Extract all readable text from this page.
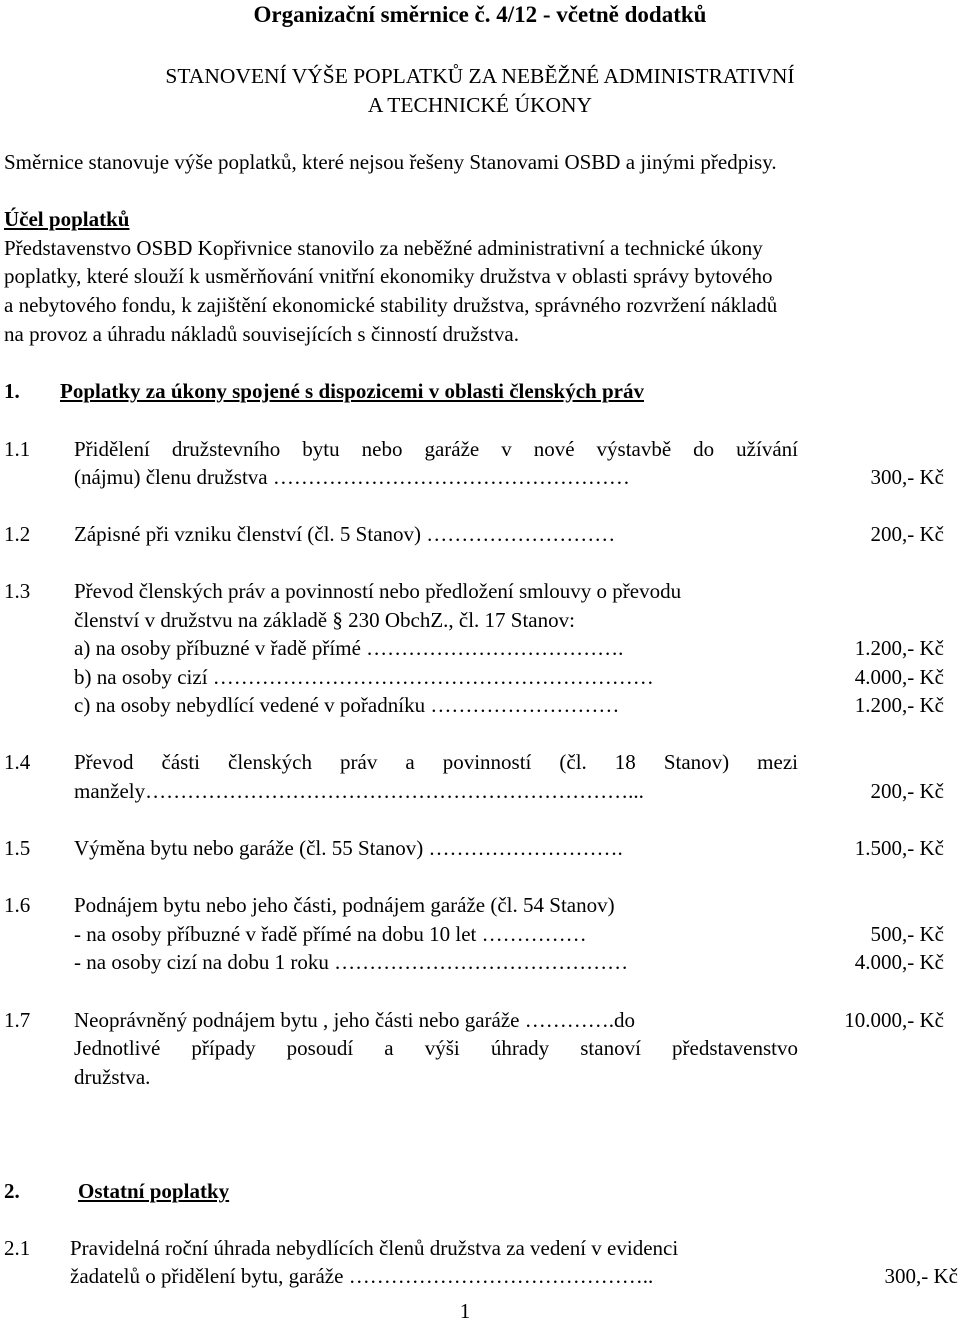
Organizační směrnice č. 4/12 - včetně dodatků
STANOVENÍ VÝŠE POPLATKŮ ZA NEBĚŽNÉ ADMINISTRATIVNÍ
A TECHNICKÉ ÚKONY
Směrnice stanovuje výše poplatků, které nejsou řešeny Stanovami OSBD a jinými předpisy.
Účel poplatků
Představenstvo OSBD Kopřivnice stanovilo za neběžné administrativní a technické úkony
poplatky, které slouží k usměrňování vnitřní ekonomiky družstva v oblasti správy bytového
a nebytového fondu, k zajištění ekonomické stability družstva, správného rozvržení nákladů
na provoz a úhradu nákladů souvisejících s činností družstva.
1. Poplatky za úkony spojené s dispozicemi v oblasti členských práv
1.1 Přidělení družstevního bytu nebo garáže v nové výstavbě do užívání
(nájmu) členu družstva ……………………………………………	300,- Kč
1.2 Zápisné při vzniku členství (čl. 5 Stanov) ………………………	200,- Kč
1.3 Převod členských práv a povinností nebo předložení smlouvy o převodu
členství v družstvu na základě § 230 ObchZ., čl. 17 Stanov:
a) na osoby příbuzné v řadě přímé ……………………………….	1.200,- Kč
b) na osoby cizí ………………………………………………………	4.000,- Kč
c) na osoby nebydlící vedené v pořadníku ………………………	1.200,- Kč
1.4 Převod části členských práv a povinností (čl. 18 Stanov) mezi
manžely……………………………………………………………...	200,- Kč
1.5 Výměna bytu nebo garáže (čl. 55 Stanov) ……………………….	1.500,- Kč
1.6 Podnájem bytu nebo jeho části, podnájem garáže (čl. 54 Stanov)
- na osoby příbuzné v řadě přímé na dobu 10 let ……………	500,- Kč
- na osoby cizí na dobu 1 roku ……………………………………	4.000,- Kč
1.7 Neoprávněný podnájem bytu , jeho části nebo garáže ………….do	10.000,- Kč
Jednotlivé případy posoudí a výši úhrady stanoví představenstvo
družstva.
2.	Ostatní poplatky
2.1 Pravidelná roční úhrada nebydlících členů družstva za vedení v evidenci
žadatelů o přidělení bytu, garáže ……………………………………..	300,- Kč
1
